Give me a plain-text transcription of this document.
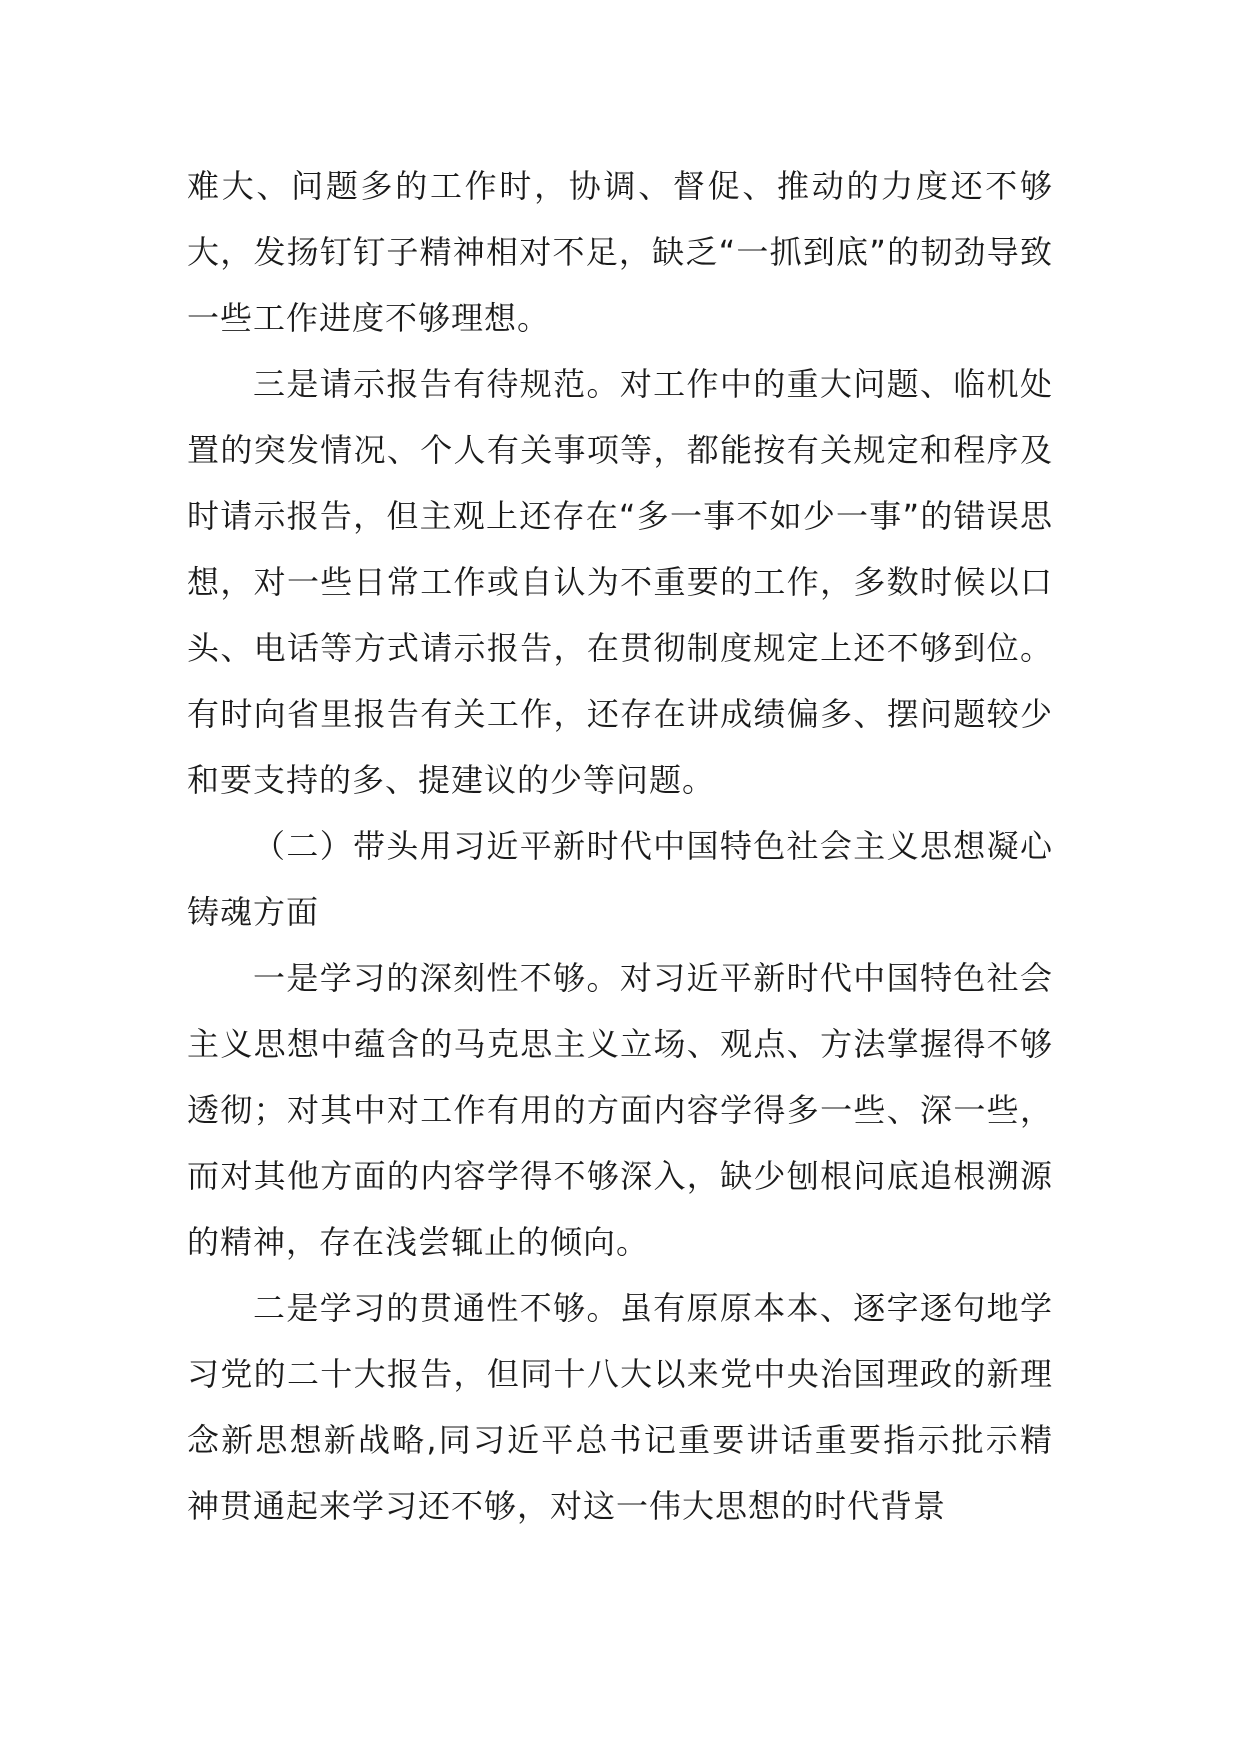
难大、问题多的工作时，协调、督促、推动的力度还不够大，发扬钉钉子精神相对不足，缺乏“一抓到底”的韧劲导致一些工作进度不够理想。

三是请示报告有待规范。对工作中的重大问题、临机处置的突发情况、个人有关事项等，都能按有关规定和程序及时请示报告，但主观上还存在“多一事不如少一事”的错误思想，对一些日常工作或自认为不重要的工作，多数时候以口头、电话等方式请示报告，在贯彻制度规定上还不够到位。有时向省里报告有关工作，还存在讲成绩偏多、摆问题较少和要支持的多、提建议的少等问题。

（二）带头用习近平新时代中国特色社会主义思想凝心铸魂方面

一是学习的深刻性不够。对习近平新时代中国特色社会主义思想中蕴含的马克思主义立场、观点、方法掌握得不够透彻；对其中对工作有用的方面内容学得多一些、深一些，而对其他方面的内容学得不够深入，缺少刨根问底追根溯源的精神，存在浅尝辄止的倾向。

二是学习的贯通性不够。虽有原原本本、逐字逐句地学习党的二十大报告，但同十八大以来党中央治国理政的新理念新思想新战略,同习近平总书记重要讲话重要指示批示精神贯通起来学习还不够，对这一伟大思想的时代背景
